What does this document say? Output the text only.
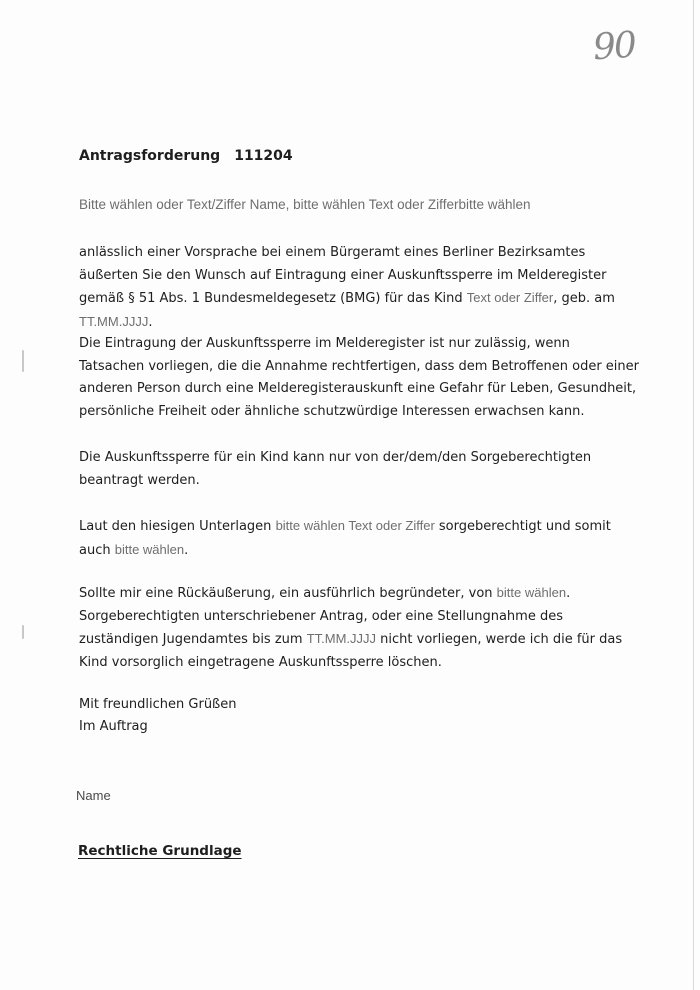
90
Antragsforderung 111204
Bitte wählen oder Text/Ziffer Name, bitte wählen Text oder Zifferbitte wählen
anlässlich einer Vorsprache bei einem Bürgeramt eines Berliner Bezirksamtes äußerten Sie den Wunsch auf Eintragung einer Auskunftssperre im Melderegister gemäß § 51 Abs. 1 Bundesmeldegesetz (BMG) für das Kind Text oder Ziffer, geb. am TT.MM.JJJJ.
Die Eintragung der Auskunftssperre im Melderegister ist nur zulässig, wenn Tatsachen vorliegen, die die Annahme rechtfertigen, dass dem Betroffenen oder einer anderen Person durch eine Melderegisterauskunft eine Gefahr für Leben, Gesundheit, persönliche Freiheit oder ähnliche schutzwürdige Interessen erwachsen kann.
Die Auskunftssperre für ein Kind kann nur von der/dem/den Sorgeberechtigten beantragt werden.
Laut den hiesigen Unterlagen bitte wählen Text oder Ziffer sorgeberechtigt und somit auch bitte wählen.
Sollte mir eine Rückäußerung, ein ausführlich begründeter, von bitte wählen. Sorgeberechtigten unterschriebener Antrag, oder eine Stellungnahme des zuständigen Jugendamtes bis zum TT.MM.JJJJ nicht vorliegen, werde ich die für das Kind vorsorglich eingetragene Auskunftssperre löschen.
Mit freundlichen Grüßen
Im Auftrag
Name
Rechtliche Grundlage
